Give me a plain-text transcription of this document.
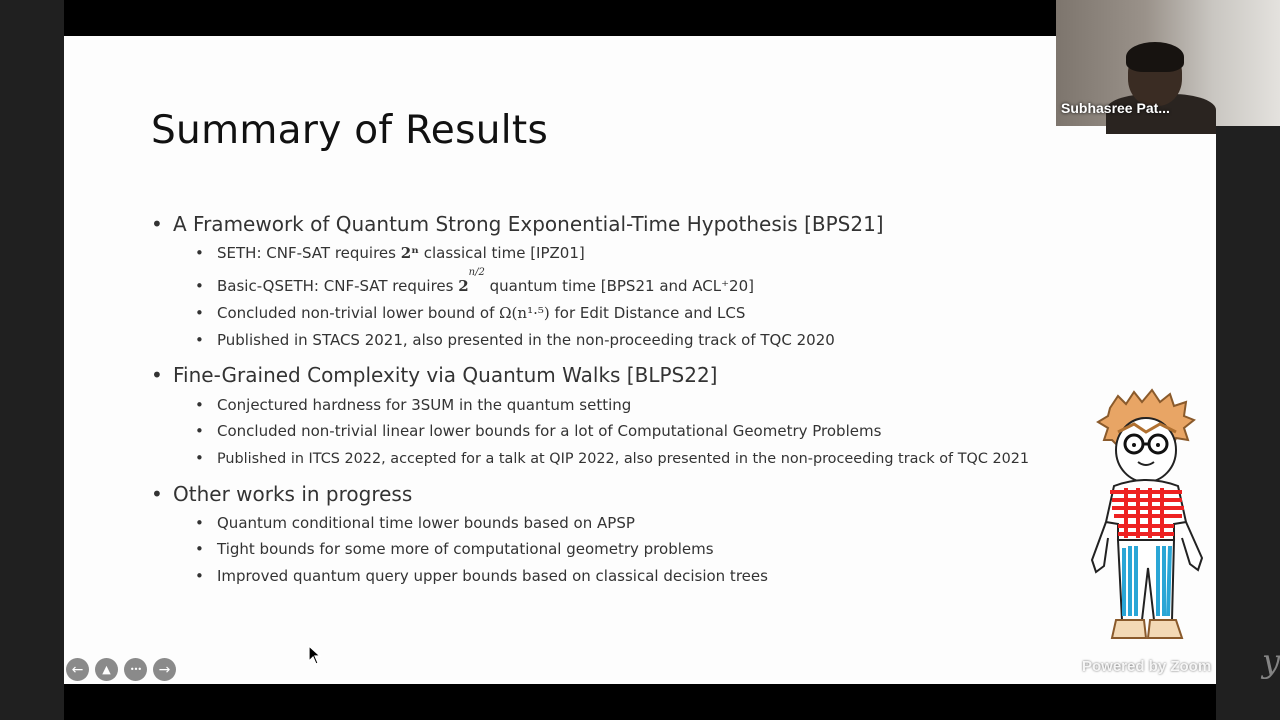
Summary of Results
• A Framework of Quantum Strong Exponential-Time Hypothesis [BPS21]
• SETH: CNF-SAT requires 2ⁿ classical time [IPZ01]
• Basic-QSETH: CNF-SAT requires $2^{n/2}$ quantum time [BPS21 and ACL⁺20]
• Concluded non-trivial lower bound of Ω(n¹·⁵) for Edit Distance and LCS
• Published in STACS 2021, also presented in the non-proceeding track of TQC 2020
• Fine-Grained Complexity via Quantum Walks [BLPS22]
• Conjectured hardness for 3SUM in the quantum setting
• Concluded non-trivial linear lower bounds for a lot of Computational Geometry Problems
• Published in ITCS 2022, accepted for a talk at QIP 2022, also presented in the non-proceeding track of TQC 2021
• Other works in progress
• Quantum conditional time lower bounds based on APSP
• Tight bounds for some more of computational geometry problems
• Improved quantum query upper bounds based on classical decision trees
y
←	▲	•••	→
Subhasree Pat...
Powered by Zoom
